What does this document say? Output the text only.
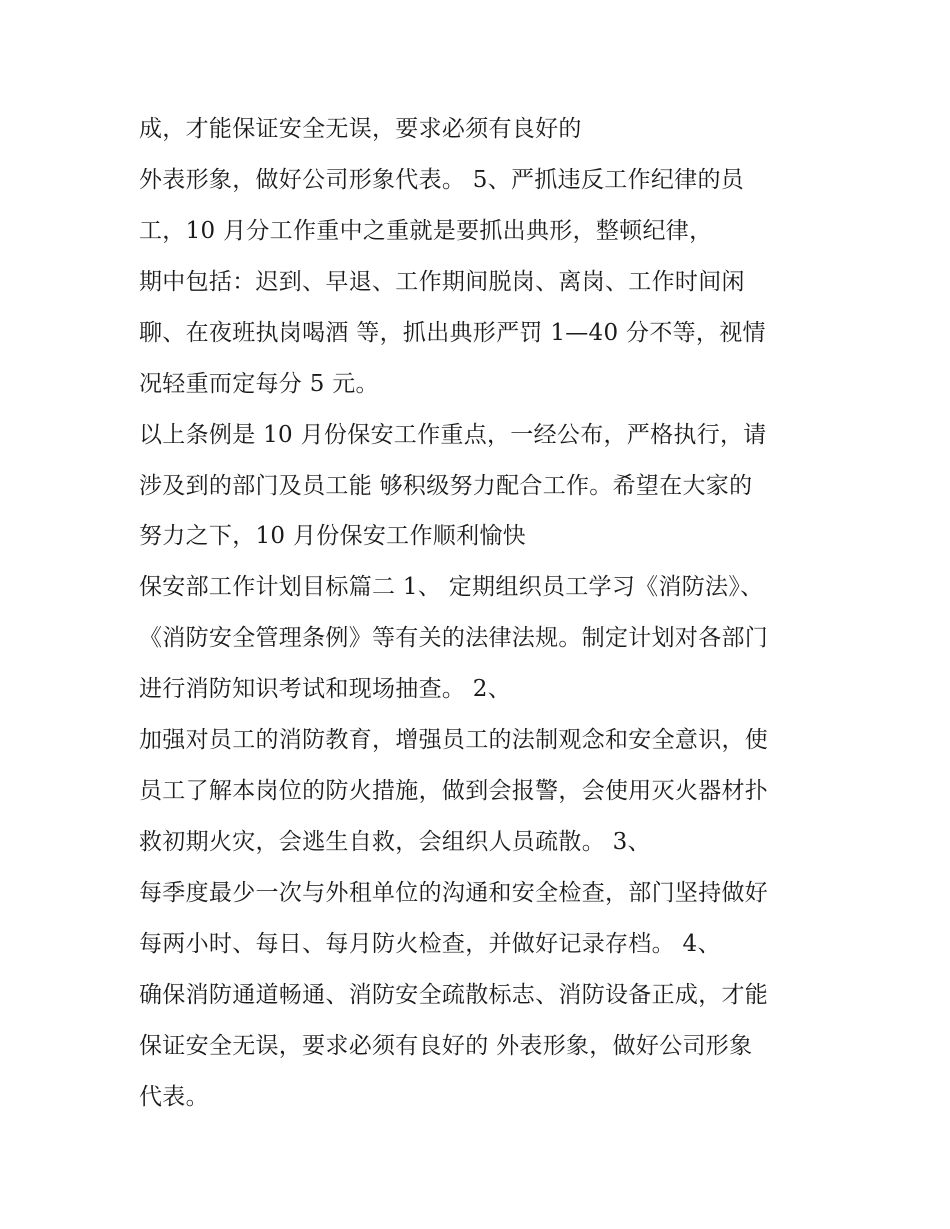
成，才能保证安全无误，要求必须有良好的
外表形象，做好公司形象代表。 5、严抓违反工作纪律的员
工，10 月分工作重中之重就是要抓出典形，整顿纪律，
期中包括：迟到、早退、工作期间脱岗、离岗、工作时间闲
聊、在夜班执岗喝酒 等，抓出典形严罚 1—40 分不等，视情
况轻重而定每分 5 元。
以上条例是 10 月份保安工作重点，一经公布，严格执行，请
涉及到的部门及员工能 够积级努力配合工作。希望在大家的
努力之下，10 月份保安工作顺利愉快
保安部工作计划目标篇二 1、 定期组织员工学习《消防法》、
《消防安全管理条例》等有关的法律法规。制定计划对各部门
进行消防知识考试和现场抽查。 2、
加强对员工的消防教育，增强员工的法制观念和安全意识，使
员工了解本岗位的防火措施，做到会报警，会使用灭火器材扑
救初期火灾，会逃生自救，会组织人员疏散。 3、
每季度最少一次与外租单位的沟通和安全检查，部门坚持做好
每两小时、每日、每月防火检查，并做好记录存档。 4、
确保消防通道畅通、消防安全疏散标志、消防设备正成，才能
保证安全无误，要求必须有良好的 外表形象，做好公司形象
代表。
